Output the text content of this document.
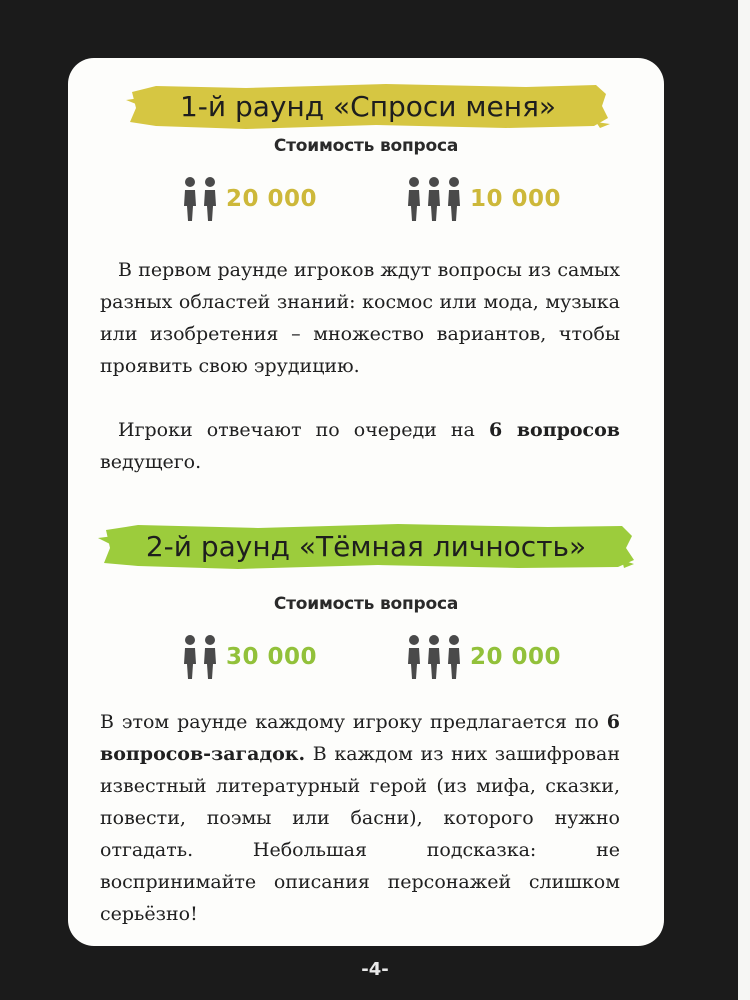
1-й раунд «Спроси меня»
Стоимость вопроса
20 000	10 000

В первом раунде игроков ждут вопросы из самых разных областей знаний: космос или мода, музыка или изобретения – множество вариантов, чтобы проявить свою эрудицию.

Игроки отвечают по очереди на 6 вопросов ведущего.

2-й раунд «Тёмная личность»
Стоимость вопроса
30 000	20 000

В этом раунде каждому игроку предлагается по 6 вопросов-загадок. В каждом из них зашифрован известный литературный герой (из мифа, сказки, повести, поэмы или басни), которого нужно отгадать. Небольшая подсказка: не воспринимайте описания персонажей слишком серьёзно!

-4-
